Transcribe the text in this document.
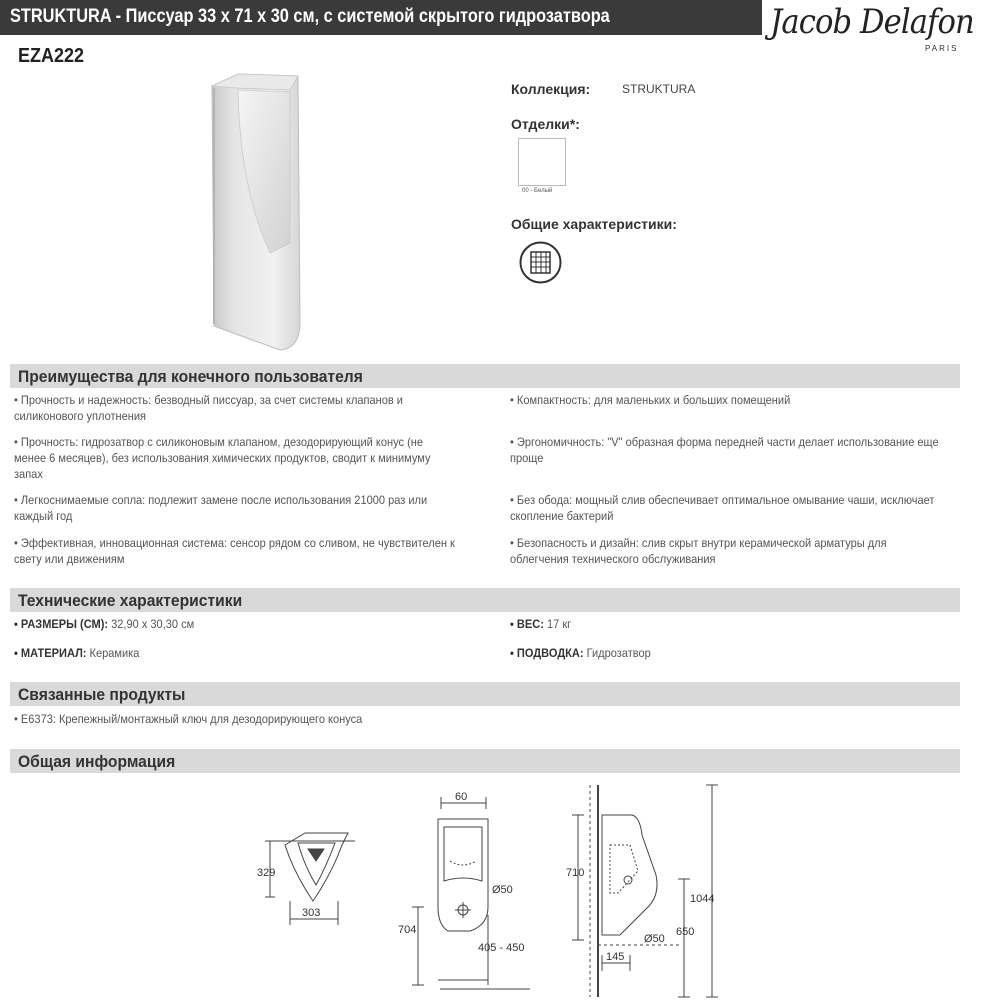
STRUKTURA - Писсуар 33 x 71 x 30 см, с системой скрытого гидрозатвора
EZA222
Jacob Delafon
PARIS
Коллекция:	STRUKTURA
Отделки*:
00 - Белый
Общие характеристики:
Преимущества для конечного пользователя
• Прочность и надежность: безводный писсуар, за счет системы клапанов и силиконового уплотнения
• Прочность: гидрозатвор с силиконовым клапаном, дезодорирующий конус (не менее 6 месяцев), без использования химических продуктов, сводит к минимуму запах
• Легкоснимаемые сопла: подлежит замене после использования 21000 раз или каждый год
• Эффективная, инновационная система: сенсор рядом со сливом, не чувствителен к свету или движениям
• Компактность: для маленьких и больших помещений
• Эргономичность: "V" образная форма передней части делает использование еще проще
• Без обода: мощный слив обеспечивает оптимальное омывание чаши, исключает скопление бактерий
• Безопасность и дизайн: слив скрыт внутри керамической арматуры для облегчения технического обслуживания
Технические характеристики
• РАЗМЕРЫ (СМ): 32,90 x 30,30 см
• МАТЕРИАЛ: Керамика
• ВЕС: 17 кг
• ПОДВОДКА: Гидрозатвор
Связанные продукты
• E6373: Крепежный/монтажный ключ для дезодорирующего конуса
Общая информация
329
303
60
Ø50
704
405 - 450
710
1044
650
Ø50
145
